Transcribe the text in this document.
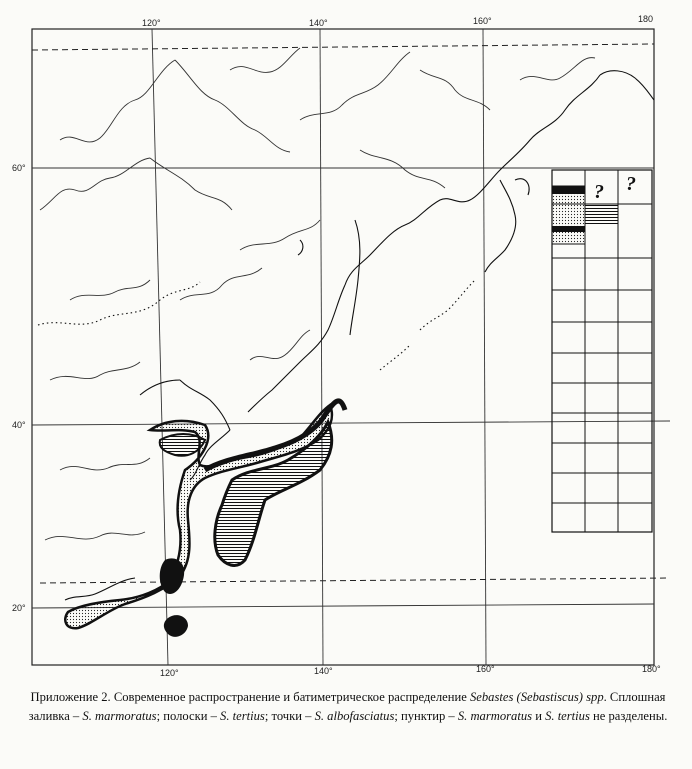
120°	140°	160°	180
120°	140°	160°	180°
60°
40°
20°
? ?
Приложение 2. Современное распространение и батиметрическое распределение Sebastes (Sebastiscus) spp. Сплошная заливка – S. marmoratus; полоски – S. tertius; точки – S. albofasciatus; пунктир – S. marmoratus и S. tertius не разделены.
